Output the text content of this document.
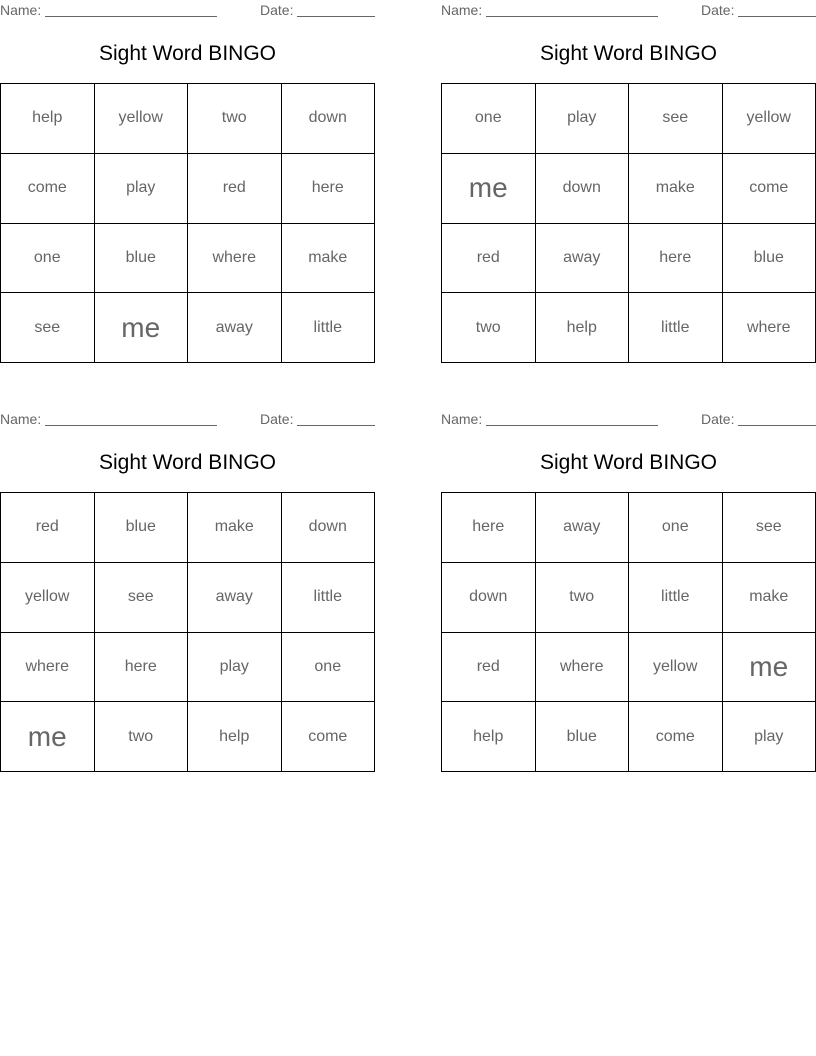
Name:	Date:
Sight Word BINGO
help	yellow	two	down
come	play	red	here
one	blue	where	make
see	me	away	little
Name:	Date:
Sight Word BINGO
one	play	see	yellow
me	down	make	come
red	away	here	blue
two	help	little	where
Name:	Date:
Sight Word BINGO
red	blue	make	down
yellow	see	away	little
where	here	play	one
me	two	help	come
Name:	Date:
Sight Word BINGO
here	away	one	see
down	two	little	make
red	where	yellow	me
help	blue	come	play
